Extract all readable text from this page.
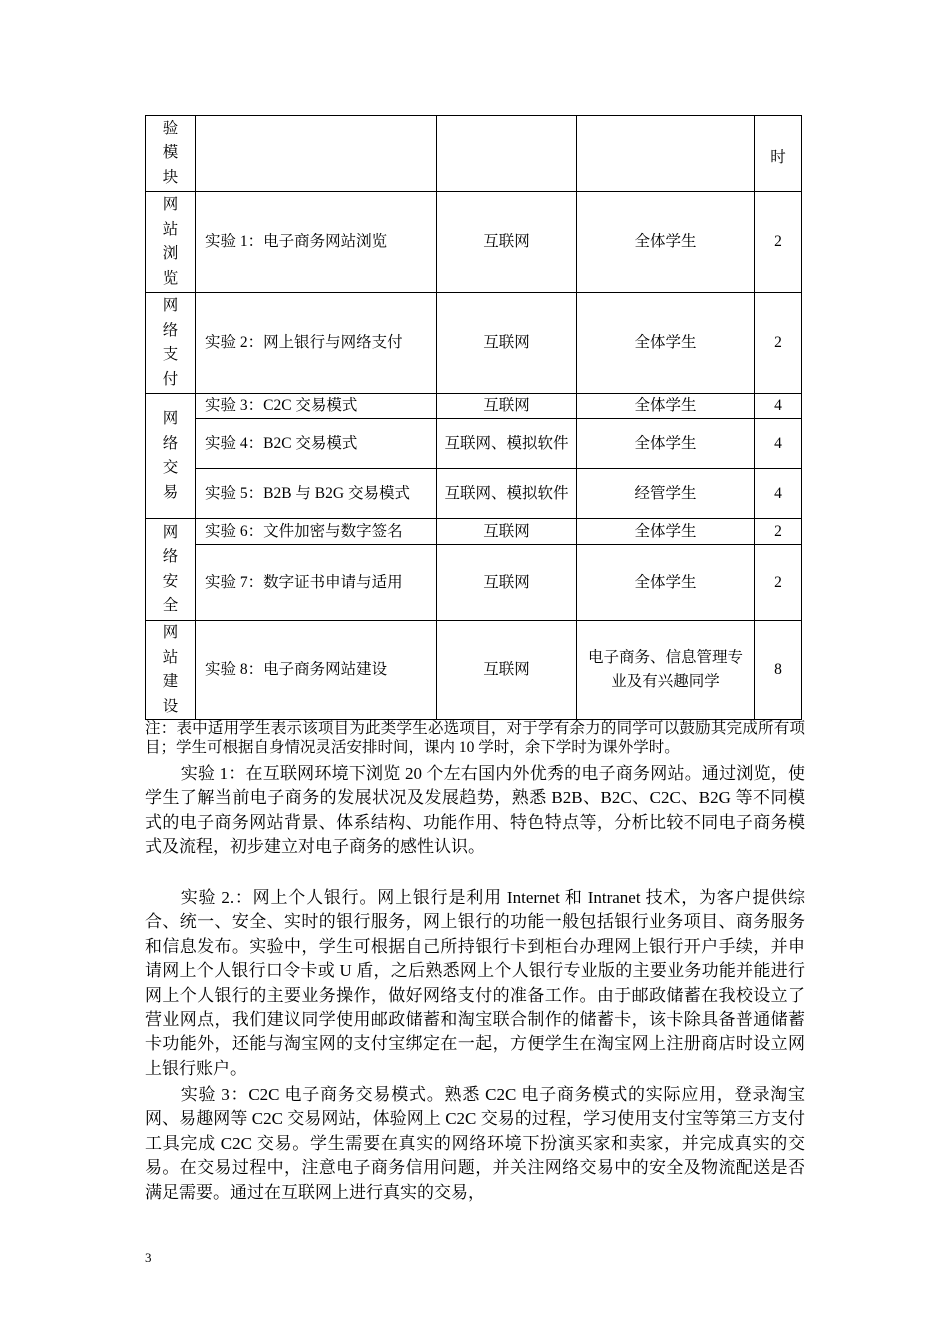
验模块				时

网站浏览	实验 1：电子商务网站浏览	互联网	全体学生	2

网络支付	实验 2：网上银行与网络支付	互联网	全体学生	2

网络交易	实验 3：C2C 交易模式	互联网	全体学生	4
	实验 4：B2C 交易模式	互联网、模拟软件	全体学生	4
	实验 5：B2B 与 B2G 交易模式	互联网、模拟软件	经管学生	4

网络安全	实验 6：文件加密与数字签名	互联网	全体学生	2
	实验 7：数字证书申请与适用	互联网	全体学生	2

网站建设	实验 8：电子商务网站建设	互联网	电子商务、信息管理专业及有兴趣同学	8

注：表中适用学生表示该项目为此类学生必选项目，对于学有余力的同学可以鼓励其完成所有项目；学生可根据自身情况灵活安排时间，课内 10 学时，余下学时为课外学时。

实验 1：在互联网环境下浏览 20 个左右国内外优秀的电子商务网站。通过浏览，使学生了解当前电子商务的发展状况及发展趋势，熟悉 B2B、B2C、C2C、B2G 等不同模式的电子商务网站背景、体系结构、功能作用、特色特点等，分析比较不同电子商务模式及流程，初步建立对电子商务的感性认识。

实验 2.：网上个人银行。网上银行是利用 Internet 和 Intranet 技术，为客户提供综合、统一、安全、实时的银行服务，网上银行的功能一般包括银行业务项目、商务服务和信息发布。实验中，学生可根据自己所持银行卡到柜台办理网上银行开户手续，并申请网上个人银行口令卡或 U 盾，之后熟悉网上个人银行专业版的主要业务功能并能进行网上个人银行的主要业务操作，做好网络支付的准备工作。由于邮政储蓄在我校设立了营业网点，我们建议同学使用邮政储蓄和淘宝联合制作的储蓄卡，该卡除具备普通储蓄卡功能外，还能与淘宝网的支付宝绑定在一起，方便学生在淘宝网上注册商店时设立网上银行账户。

实验 3：C2C 电子商务交易模式。熟悉 C2C 电子商务模式的实际应用，登录淘宝网、易趣网等 C2C 交易网站，体验网上 C2C 交易的过程，学习使用支付宝等第三方支付工具完成 C2C 交易。学生需要在真实的网络环境下扮演买家和卖家，并完成真实的交易。在交易过程中，注意电子商务信用问题，并关注网络交易中的安全及物流配送是否满足需要。通过在互联网上进行真实的交易，

3
